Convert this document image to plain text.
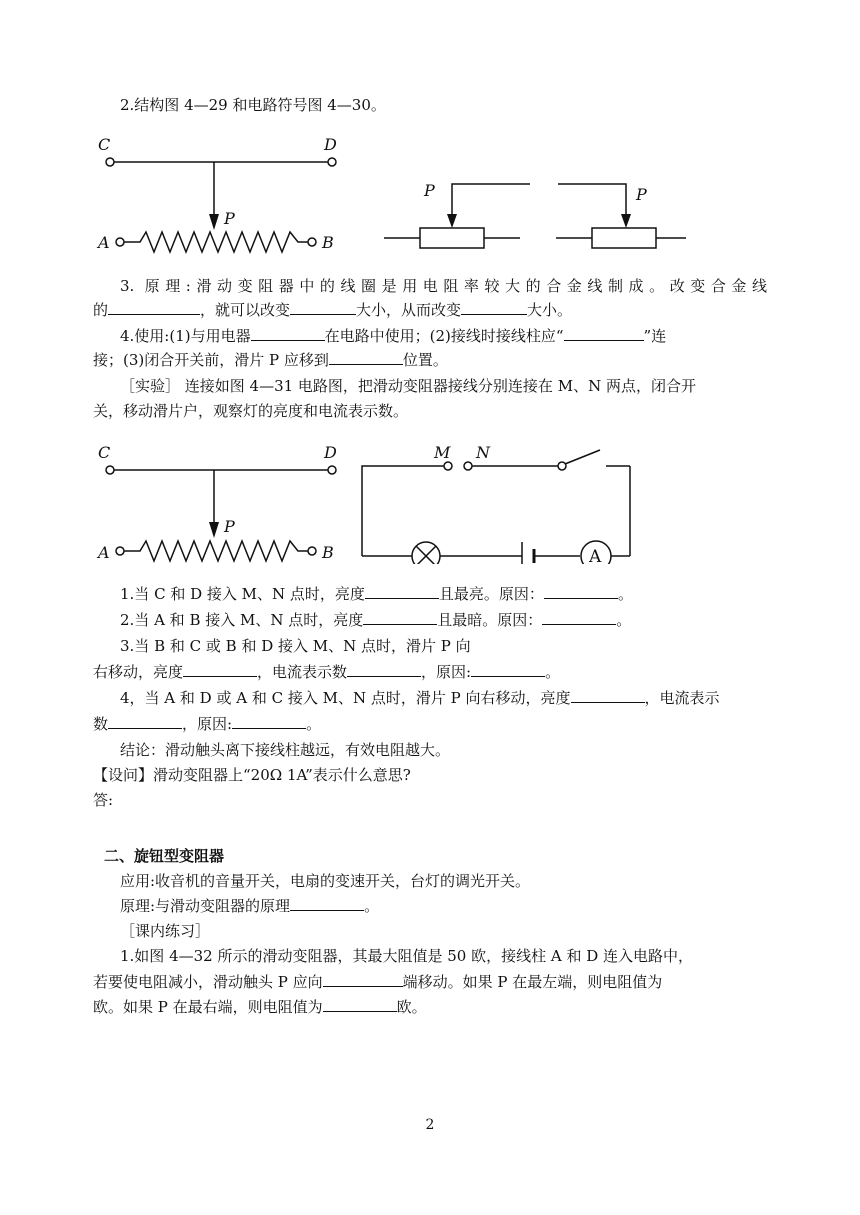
2.结构图 4—29 和电路符号图 4—30。
C	D
P
A	B
P	P
3. 原理:滑动变阻器中的线圈是用电阻率较大的合金线制成。改变合金线
的	，就可以改变	大小，从而改变	大小。
4.使用:(1)与用电器	在电路中使用；(2)接线时接线柱应“	”连
接；(3)闭合开关前，滑片 P 应移到	位置。
［实验］ 连接如图 4—31 电路图，把滑动变阻器接线分别连接在 M、N 两点，闭合开
关，移动滑片户，观察灯的亮度和电流表示数。
C	D
P
A	B
M N
A
1.当 C 和 D 接入 M、N 点时，亮度	且最亮。原因：	。
2.当 A 和 B 接入 M、N 点时，亮度	且最暗。原因：	。
3.当 B 和 C 或 B 和 D 接入 M、N 点时，滑片 P 向
右移动，亮度	，电流表示数	，原因:	。
4，当 A 和 D 或 A 和 C 接入 M、N 点时，滑片 P 向右移动，亮度	，电流表示
数	，原因:	。
结论：滑动触头离下接线柱越远，有效电阻越大。
【设问】滑动变阻器上“20Ω 1A”表示什么意思?
答:
二、旋钮型变阻器
应用:收音机的音量开关，电扇的变速开关，台灯的调光开关。
原理:与滑动变阻器的原理	。
［课内练习］
1.如图 4—32 所示的滑动变阻器，其最大阻值是 50 欧，接线柱 A 和 D 连入电路中，
若要使电阻减小，滑动触头 P 应向	端移动。如果 P 在最左端，则电阻值为
欧。如果 P 在最右端，则电阻值为	欧。
2
